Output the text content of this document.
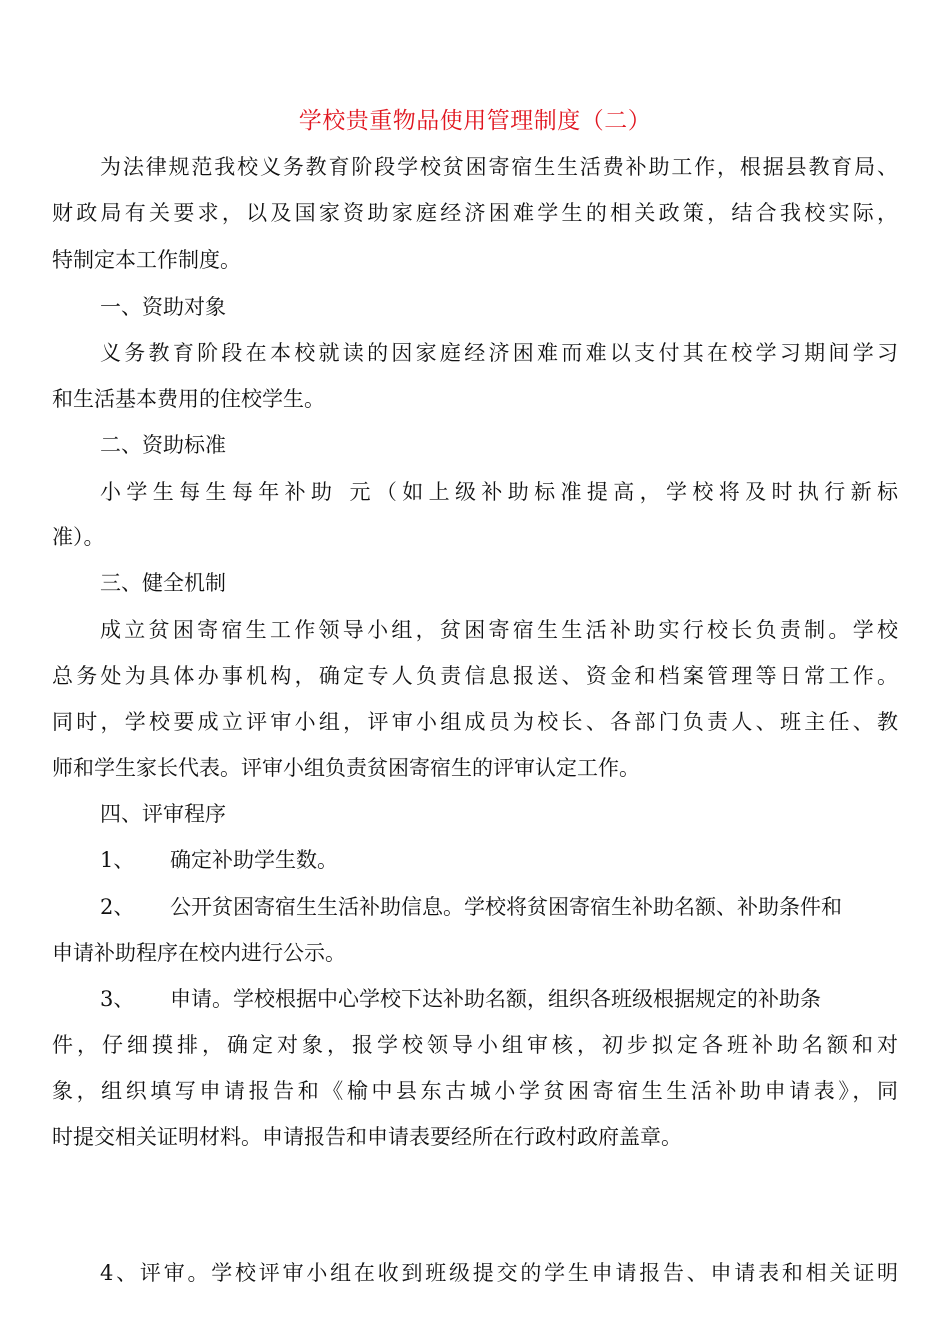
学校贵重物品使用管理制度（二）
为法律规范我校义务教育阶段学校贫困寄宿生生活费补助工作，根据县教育局、
财政局有关要求，以及国家资助家庭经济困难学生的相关政策，结合我校实际，
特制定本工作制度。
一、资助对象
义务教育阶段在本校就读的因家庭经济困难而难以支付其在校学习期间学习
和生活基本费用的住校学生。
二、资助标准
小学生每生每年补助 元（如上级补助标准提高，学校将及时执行新标
准）。
三、健全机制
成立贫困寄宿生工作领导小组，贫困寄宿生生活补助实行校长负责制。学校
总务处为具体办事机构，确定专人负责信息报送、资金和档案管理等日常工作。
同时，学校要成立评审小组，评审小组成员为校长、各部门负责人、班主任、教
师和学生家长代表。评审小组负责贫困寄宿生的评审认定工作。
四、评审程序
1、 确定补助学生数。
2、 公开贫困寄宿生生活补助信息。学校将贫困寄宿生补助名额、补助条件和
申请补助程序在校内进行公示。
3、 申请。学校根据中心学校下达补助名额，组织各班级根据规定的补助条
件，仔细摸排，确定对象，报学校领导小组审核，初步拟定各班补助名额和对
象，组织填写申请报告和《榆中县东古城小学贫困寄宿生生活补助申请表》，同
时提交相关证明材料。申请报告和申请表要经所在行政村政府盖章。
4、评审。学校评审小组在收到班级提交的学生申请报告、申请表和相关证明
